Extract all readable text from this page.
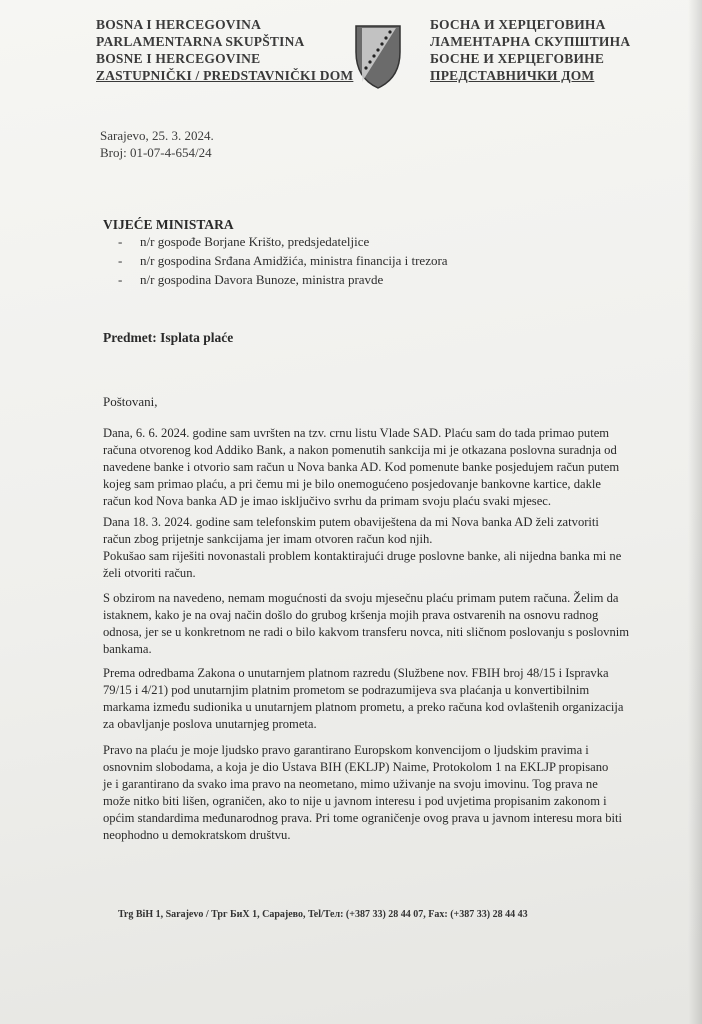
BOSNA I HERCEGOVINA
PARLAMENTARNA SKUPŠTINA
BOSNE I HERCEGOVINE
ZASTUPNIČKI / PREDSTAVNIČKI DOM
БОСНА И ХЕРЦЕГОВИНА
ЛАМЕНТАРНА СКУПШТИНА
БОСНЕ И ХЕРЦЕГОВИНЕ
ПРЕДСТАВНИЧКИ ДОМ
Sarajevo, 25. 3. 2024.
Broj: 01-07-4-654/24
VIJEĆE MINISTARA
- n/r gospođe Borjane Krišto, predsjedateljice
- n/r gospodina Srđana Amidžića, ministra financija i trezora
- n/r gospodina Davora Bunoze, ministra pravde
Predmet: Isplata plaće
Poštovani,
Dana, 6. 6. 2024. godine sam uvršten na tzv. crnu listu Vlade SAD. Plaću sam do tada primao putem
računa otvorenog kod Addiko Bank, a nakon pomenutih sankcija mi je otkazana poslovna suradnja od
navedene banke i otvorio sam račun u Nova banka AD. Kod pomenute banke posjedujem račun putem
kojeg sam primao plaću, a pri čemu mi je bilo onemogućeno posjedovanje bankovne kartice, dakle
račun kod Nova banka AD je imao isključivo svrhu da primam svoju plaću svaki mjesec.
Dana 18. 3. 2024. godine sam telefonskim putem obaviještena da mi Nova banka AD želi zatvoriti
račun zbog prijetnje sankcijama jer imam otvoren račun kod njih.
Pokušao sam riješiti novonastali problem kontaktirajući druge poslovne banke, ali nijedna banka mi ne
želi otvoriti račun.
S obzirom na navedeno, nemam mogućnosti da svoju mjesečnu plaću primam putem računa. Želim da
istaknem, kako je na ovaj način došlo do grubog kršenja mojih prava ostvarenih na osnovu radnog
odnosa, jer se u konkretnom ne radi o bilo kakvom transferu novca, niti sličnom poslovanju s poslovnim
bankama.
Prema odredbama Zakona o unutarnjem platnom razredu (Službene nov. FBIH broj 48/15 i Ispravka
79/15 i 4/21) pod unutarnjim platnim prometom se podrazumijeva sva plaćanja u konvertibilnim
markama između sudionika u unutarnjem platnom prometu, a preko računa kod ovlaštenih organizacija
za obavljanje poslova unutarnjeg prometa.
Pravo na plaću je moje ljudsko pravo garantirano Europskom konvencijom o ljudskim pravima i
osnovnim slobodama, a koja je dio Ustava BIH (EKLJP) Naime, Protokolom 1 na EKLJP propisano
je i garantirano da svako ima pravo na neometano, mimo uživanje na svoju imovinu. Tog prava ne
može nitko biti lišen, ograničen, ako to nije u javnom interesu i pod uvjetima propisanim zakonom i
općim standardima međunarodnog prava. Pri tome ograničenje ovog prava u javnom interesu mora biti
neophodno u demokratskom društvu.
Trg BiH 1, Sarajevo / Трг БиХ 1, Сарајево, Tel/Тел: (+387 33) 28 44 07, Fax: (+387 33) 28 44 43
